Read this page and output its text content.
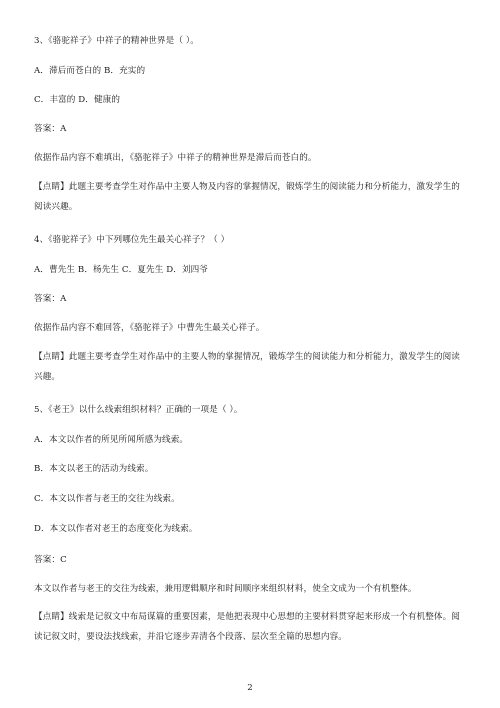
3、《骆驼祥子》中祥子的精神世界是（ ）。
A．滞后而苍白的 B．充实的
C．丰富的 D．健康的
答案：A
依据作品内容不难填出，《骆驼祥子》中祥子的精神世界是滞后而苍白的。
【点睛】此题主要考查学生对作品中主要人物及内容的掌握情况，锻炼学生的阅读能力和分析能力，激发学生的阅读兴趣。
4、《骆驼祥子》中下列哪位先生最关心祥子？（ ）
A．曹先生 B．杨先生 C．夏先生 D．刘四爷
答案：A
依据作品内容不难回答，《骆驼祥子》中曹先生最关心祥子。
【点睛】此题主要考查学生对作品中的主要人物的掌握情况，锻炼学生的阅读能力和分析能力，激发学生的阅读兴趣。
5、《老王》以什么线索组织材料？正确的一项是（ ）。
A．本文以作者的所见所闻所感为线索。
B．本文以老王的活动为线索。
C．本文以作者与老王的交往为线索。
D．本文以作者对老王的态度变化为线索。
答案：C
本文以作者与老王的交往为线索，兼用逻辑顺序和时间顺序来组织材料，使全文成为一个有机整体。
【点睛】线索是记叙文中布局谋篇的重要因素，是他把表现中心思想的主要材料贯穿起来形成一个有机整体。阅读记叙文时，要设法找线索，并沿它逐步弄清各个段落、层次至全篇的思想内容。
2
